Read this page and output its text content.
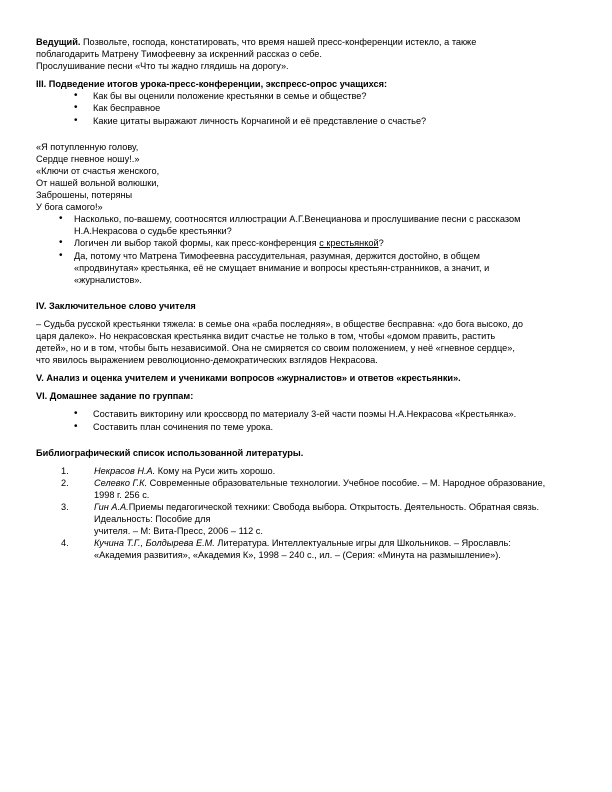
Ведущий. Позвольте, господа, констатировать, что время нашей пресс-конференции истекло, а также

поблагодарить Матрену Тимофеевну за искренний рассказ о себе.

Прослушивание песни «Что ты жадно глядишь на дорогу».

III. Подведение итогов урока-пресс-конференции, экспресс-опрос учащихся:

• Как бы вы оценили положение крестьянки в семье и обществе?
• Как бесправное
• Какие цитаты выражают личность Корчагиной и её представление о счастье?

«Я потупленную голову,

Сердце гневное ношу!.»

«Ключи от счастья женского,

От нашей вольной волюшки,

Заброшены, потеряны

У бога самого!»

• Насколько, по-вашему, соотносятся иллюстрации А.Г.Венецианова и прослушивание песни с рассказом
Н.А.Некрасова о судьбе крестьянки?
• Логичен ли выбор такой формы, как пресс-конференция с крестьянкой?
• Да, потому что Матрена Тимофеевна рассудительная, разумная, держится достойно, в общем
«продвинутая» крестьянка, её не смущает внимание и вопросы крестьян-странников, а значит, и
«журналистов».

IV. Заключительное слово учителя

– Судьба русской крестьянки тяжела: в семье она «раба последняя», в обществе бесправна: «до бога высоко, до

царя далеко». Но некрасовская крестьянка видит счастье не только в том, чтобы «домом править, растить

детей», но и в том, чтобы быть независимой. Она не смиряется со своим положением, у неё «гневное сердце»,

что явилось выражением революционно-демократических взглядов Некрасова.

V. Анализ и оценка учителем и учениками вопросов «журналистов» и ответов «крестьянки».

VI. Домашнее задание по группам:

• Составить викторину или кроссворд по материалу 3-ей части поэмы Н.А.Некрасова «Крестьянка».
• Составить план сочинения по теме урока.

Библиографический список использованной литературы.

1.	Некрасов Н.А. Кому на Руси жить хорошо.
2.	Селевко Г.К. Современные образовательные технологии. Учебное пособие. – М. Народное образование,
1998 г. 256 с.
3.	Гин А.А.Приемы педагогической техники: Свобода выбора. Открытость. Деятельность. Обратная связь.
Идеальность: Пособие для
учителя. – М: Вита-Пресс, 2006 – 112 с.
4.	Кучина Т.Г., Болдырева Е.М. Литература. Интеллектуальные игры для Школьников. – Ярославль:
«Академия развития», «Академия К», 1998 – 240 с., ил. – (Серия: «Минута на размышление»).
